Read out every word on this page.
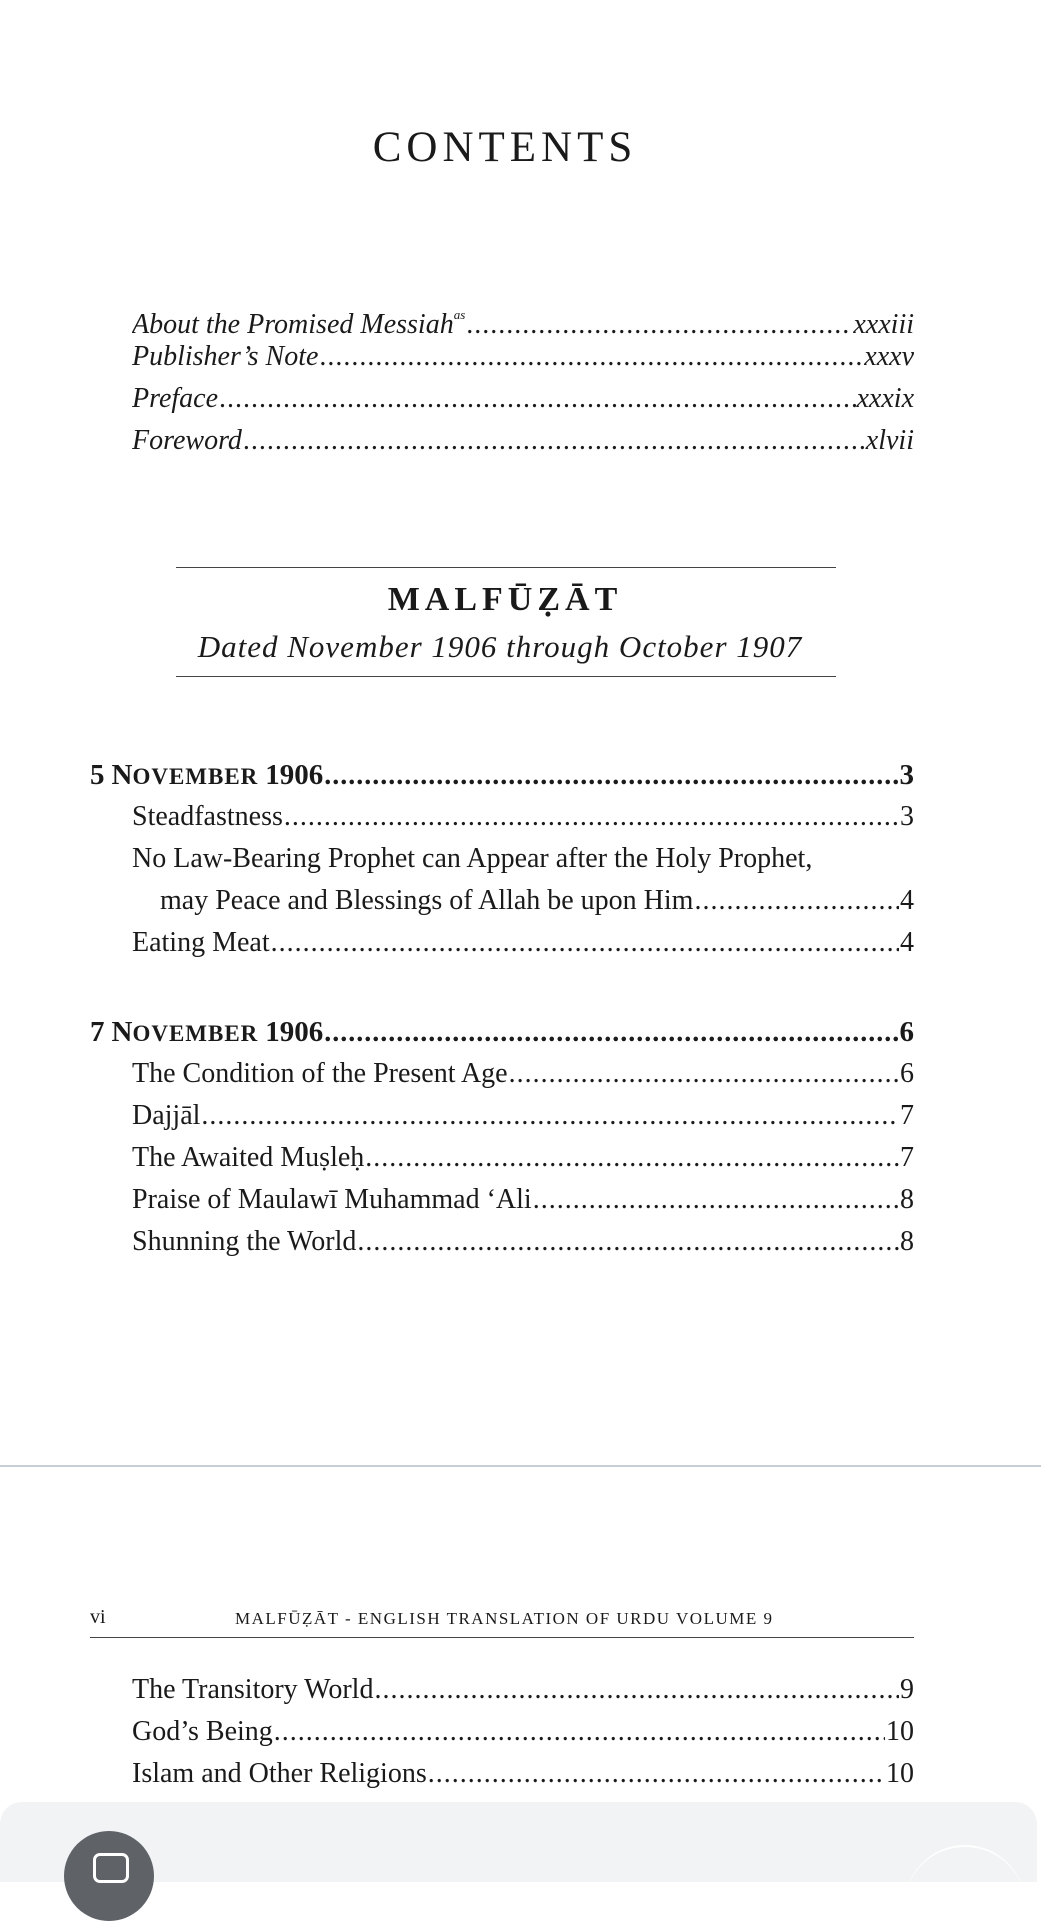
CONTENTS
About the Promised Messiah$^{as}$ .....	xxxiii
Publisher’s Note .....	xxxv
Preface .....	xxxix
Foreword .....	xlvii
MALFŪẒĀT
Dated November 1906 through October 1907
5 NOVEMBER 1906 .....	3
Steadfastness .....	3
No Law-Bearing Prophet can Appear after the Holy Prophet,
may Peace and Blessings of Allah be upon Him .....	4
Eating Meat .....	4
7 NOVEMBER 1906 .....	6
The Condition of the Present Age .....	6
Dajjāl .....	7
The Awaited Muṣleḥ .....	7
Praise of Maulawī Muhammad ‘Ali .....	8
Shunning the World .....	8
vi	MALFŪẒĀT - ENGLISH TRANSLATION OF URDU VOLUME 9
The Transitory World .....	9
God’s Being .....	10
Islam and Other Religions .....	10
